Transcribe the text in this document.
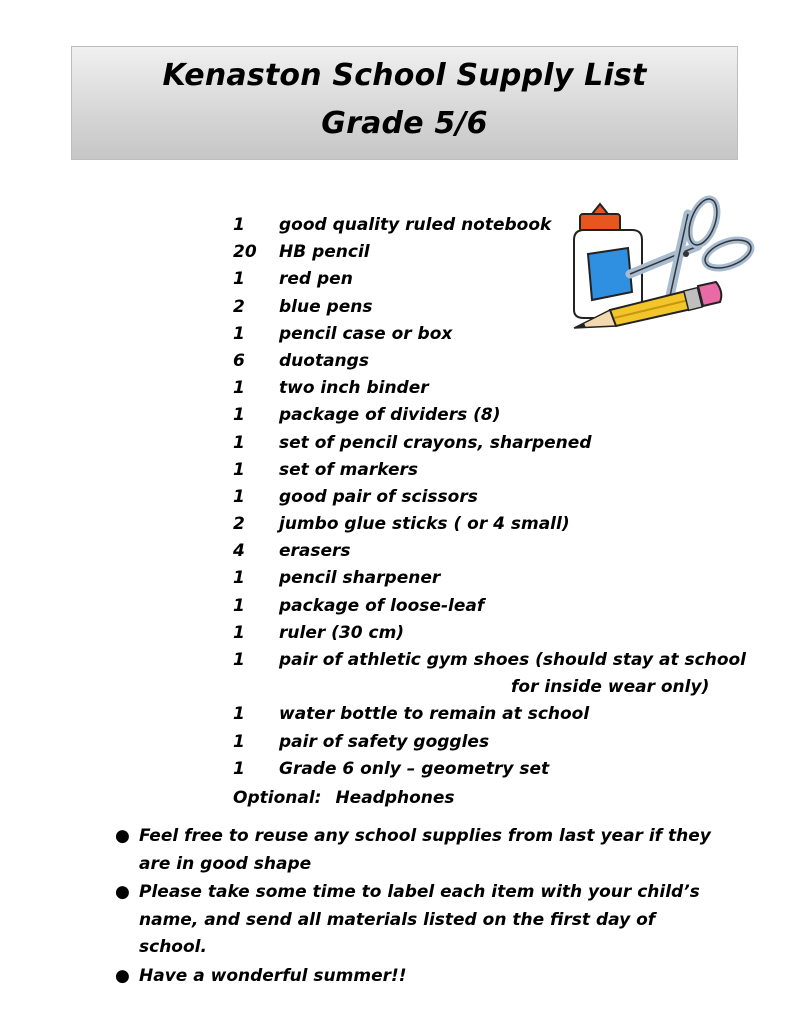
Kenaston School Supply List
Grade 5/6
1 good quality ruled notebook
20 HB pencil
1 red pen
2 blue pens
1 pencil case or box
6 duotangs
1 two inch binder
1 package of dividers (8)
1 set of pencil crayons, sharpened
1 set of markers
1 good pair of scissors
2 jumbo glue sticks ( or 4 small)
4 erasers
1 pencil sharpener
1 package of loose-leaf
1 ruler (30 cm)
1 pair of athletic gym shoes (should stay at school
for inside wear only)
1 water bottle to remain at school
1 pair of safety goggles
1 Grade 6 only – geometry set
Optional: Headphones
● Feel free to reuse any school supplies from last year if they are in good shape
● Please take some time to label each item with your child’s name, and send all materials listed on the first day of school.
● Have a wonderful summer!!
